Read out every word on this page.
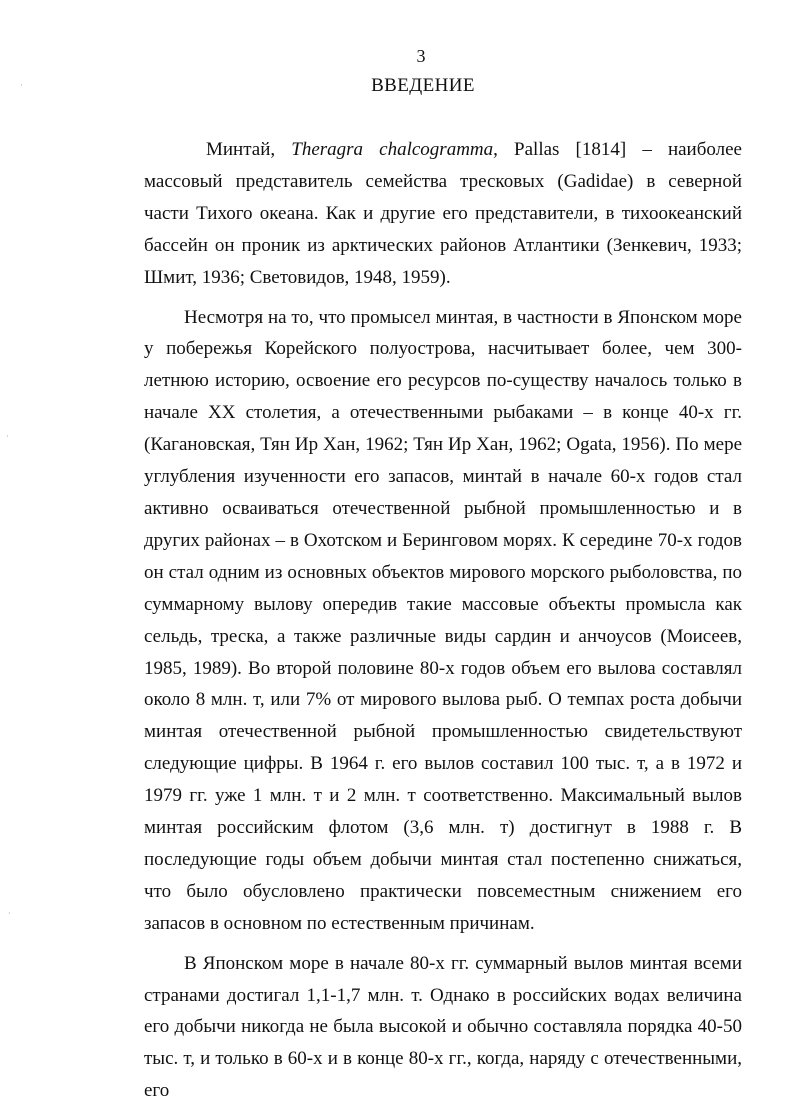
3
ВВЕДЕНИЕ

Минтай, Theragra chalcogramma, Pallas [1814] – наиболее массовый представитель семейства тресковых (Gadidae) в северной части Тихого океана. Как и другие его представители, в тихоокеанский бассейн он проник из арктических районов Атлантики (Зенкевич, 1933; Шмит, 1936; Световидов, 1948, 1959).

Несмотря на то, что промысел минтая, в частности в Японском море у побережья Корейского полуострова, насчитывает более, чем 300-летнюю историю, освоение его ресурсов по-существу началось только в начале XX столетия, а отечественными рыбаками – в конце 40-х гг. (Кагановская, Тян Ир Хан, 1962; Тян Ир Хан, 1962; Ogata, 1956). По мере углубления изученности его запасов, минтай в начале 60-х годов стал активно осваиваться отечественной рыбной промышленностью и в других районах – в Охотском и Беринговом морях. К середине 70-х годов он стал одним из основных объектов мирового морского рыболовства, по суммарному вылову опередив такие массовые объекты промысла как сельдь, треска, а также различные виды сардин и анчоусов (Моисеев, 1985, 1989). Во второй половине 80-х годов объем его вылова составлял около 8 млн. т, или 7% от мирового вылова рыб. О темпах роста добычи минтая отечественной рыбной промышленностью свидетельствуют следующие цифры. В 1964 г. его вылов составил 100 тыс. т, а в 1972 и 1979 гг. уже 1 млн. т и 2 млн. т соответственно. Максимальный вылов минтая российским флотом (3,6 млн. т) достигнут в 1988 г. В последующие годы объем добычи минтая стал постепенно снижаться, что было обусловлено практически повсеместным снижением его запасов в основном по естественным причинам.

В Японском море в начале 80-х гг. суммарный вылов минтая всеми странами достигал 1,1-1,7 млн. т. Однако в российских водах величина его добычи никогда не была высокой и обычно составляла порядка 40-50 тыс. т, и только в 60-х и в конце 80-х гг., когда, наряду с отечественными, его

·
·
·
